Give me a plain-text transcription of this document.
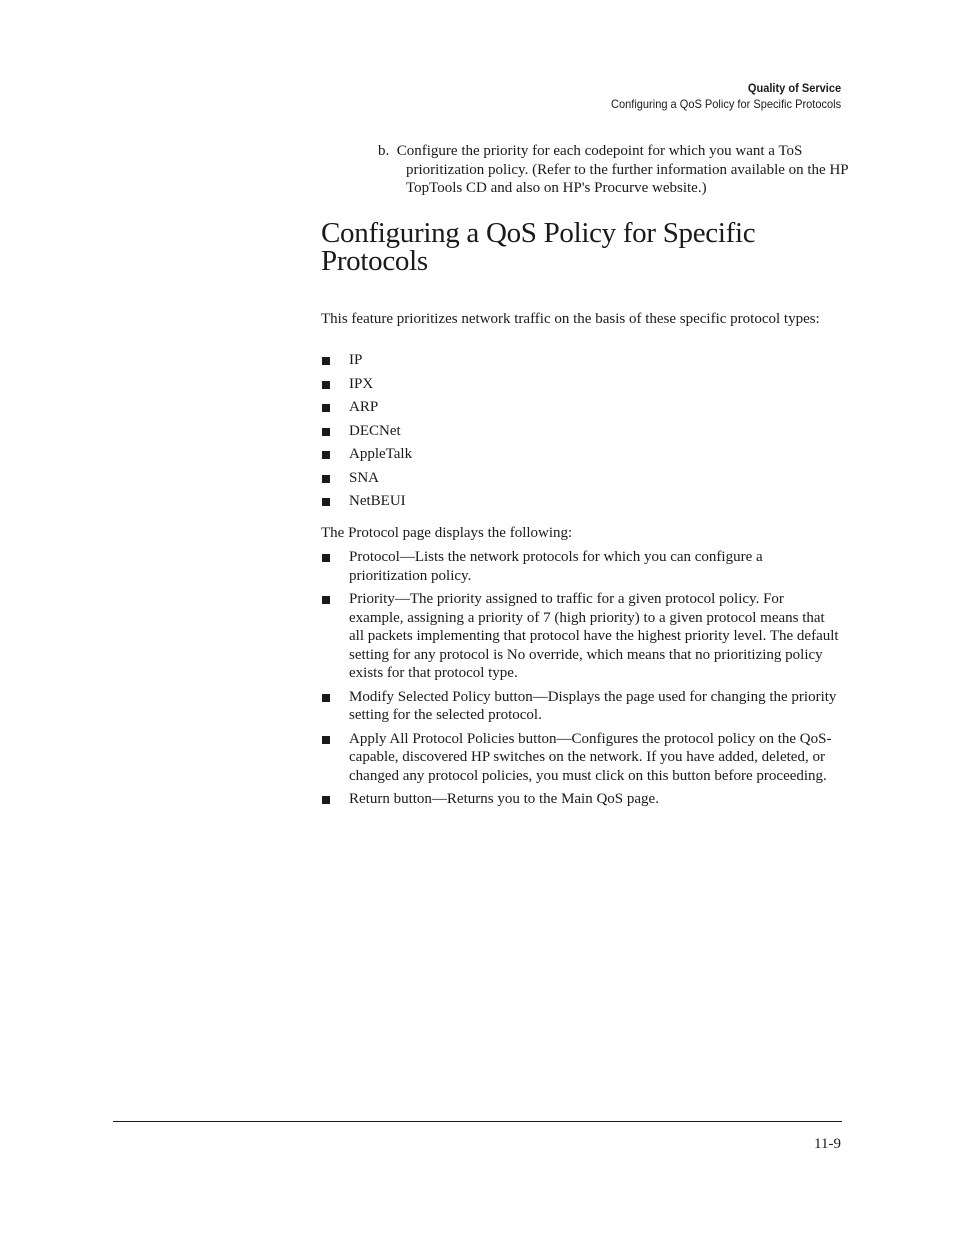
Quality of Service
Configuring a QoS Policy for Specific Protocols
b. Configure the priority for each codepoint for which you want a ToS prioritization policy. (Refer to the further information available on the HP TopTools CD and also on HP's Procurve website.)
Configuring a QoS Policy for Specific Protocols

This feature prioritizes network traffic on the basis of these specific protocol types:

IP
IPX
ARP
DECNet
AppleTalk
SNA
NetBEUI

The Protocol page displays the following:

Protocol—Lists the network protocols for which you can configure a prioritization policy.
Priority—The priority assigned to traffic for a given protocol policy. For example, assigning a priority of 7 (high priority) to a given protocol means that all packets implementing that protocol have the highest priority level. The default setting for any protocol is No override, which means that no prioritizing policy exists for that protocol type.
Modify Selected Policy button—Displays the page used for changing the priority setting for the selected protocol.
Apply All Protocol Policies button—Configures the protocol policy on the QoS-capable, discovered HP switches on the network. If you have added, deleted, or changed any protocol policies, you must click on this button before proceeding.
Return button—Returns you to the Main QoS page.
11-9
